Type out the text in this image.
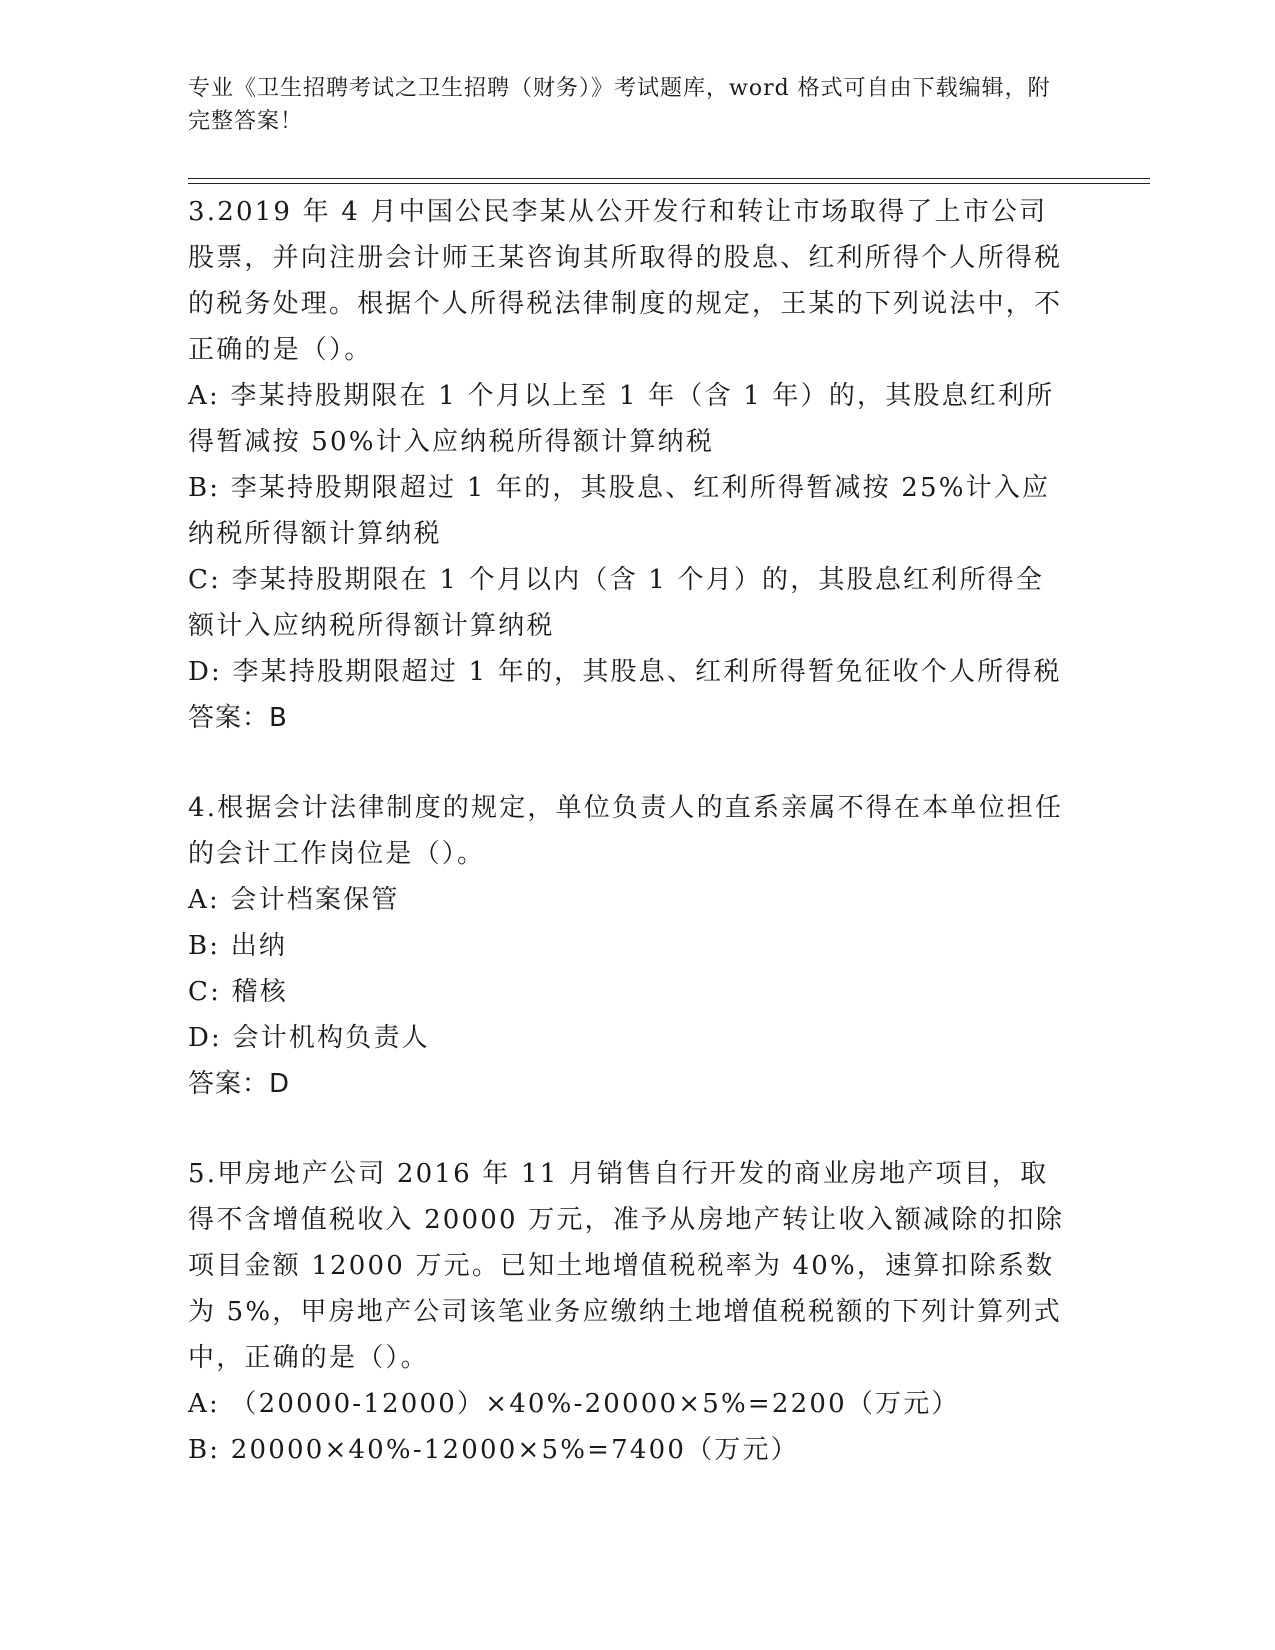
专业《卫生招聘考试之卫生招聘（财务）》考试题库，word 格式可自由下载编辑，附完整答案！

3.2019 年 4 月中国公民李某从公开发行和转让市场取得了上市公司股票，并向注册会计师王某咨询其所取得的股息、红利所得个人所得税的税务处理。根据个人所得税法律制度的规定，王某的下列说法中，不正确的是（）。

A: 李某持股期限在 1 个月以上至 1 年（含 1 年）的，其股息红利所得暂减按 50%计入应纳税所得额计算纳税

B: 李某持股期限超过 1 年的，其股息、红利所得暂减按 25%计入应纳税所得额计算纳税

C: 李某持股期限在 1 个月以内（含 1 个月）的，其股息红利所得全额计入应纳税所得额计算纳税

D: 李某持股期限超过 1 年的，其股息、红利所得暂免征收个人所得税

答案：B

4.根据会计法律制度的规定，单位负责人的直系亲属不得在本单位担任的会计工作岗位是（）。

A: 会计档案保管

B: 出纳

C: 稽核

D: 会计机构负责人

答案：D

5.甲房地产公司 2016 年 11 月销售自行开发的商业房地产项目，取得不含增值税收入 20000 万元，准予从房地产转让收入额减除的扣除项目金额 12000 万元。已知土地增值税税率为 40%，速算扣除系数为 5%，甲房地产公司该笔业务应缴纳土地增值税税额的下列计算列式中，正确的是（）。

A: （20000-12000）×40%-20000×5%=2200（万元）

B: 20000×40%-12000×5%=7400（万元）
